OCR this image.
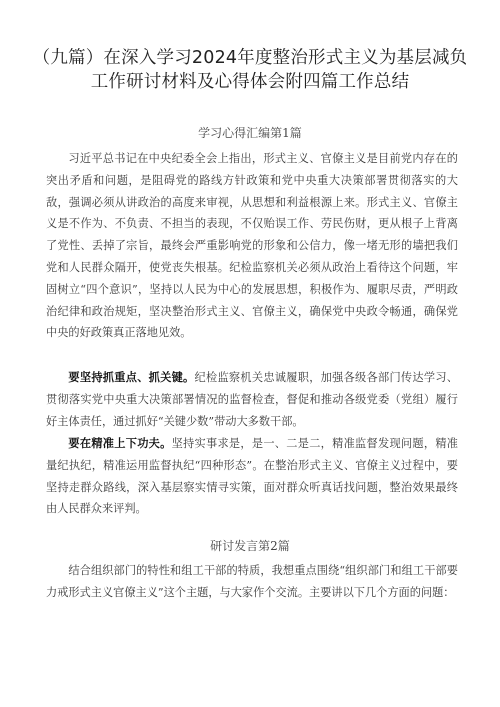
（九篇）在深入学习2024年度整治形式主义为基层减负工作研讨材料及心得体会附四篇工作总结
学习心得汇编第1篇

习近平总书记在中央纪委全会上指出，形式主义、官僚主义是目前党内存在的突出矛盾和问题，是阻碍党的路线方针政策和党中央重大决策部署贯彻落实的大敌，强调必须从讲政治的高度来审视，从思想和利益根源上来。形式主义、官僚主义是不作为、不负责、不担当的表现，不仅贻误工作、劳民伤财，更从根子上背离了党性、丢掉了宗旨，最终会严重影响党的形象和公信力，像一堵无形的墙把我们党和人民群众隔开，使党丧失根基。纪检监察机关必须从政治上看待这个问题，牢固树立“四个意识”，坚持以人民为中心的发展思想，积极作为、履职尽责，严明政治纪律和政治规矩，坚决整治形式主义、官僚主义，确保党中央政令畅通，确保党中央的好政策真正落地见效。

要坚持抓重点、抓关键。纪检监察机关忠诚履职，加强各级各部门传达学习、贯彻落实党中央重大决策部署情况的监督检查，督促和推动各级党委（党组）履行好主体责任，通过抓好“关键少数”带动大多数干部。

要在精准上下功夫。坚持实事求是，是一、二是二，精准监督发现问题，精准量纪执纪，精准运用监督执纪“四种形态”。在整治形式主义、官僚主义过程中，要坚持走群众路线，深入基层察实情寻实策，面对群众听真话找问题，整治效果最终由人民群众来评判。

研讨发言第2篇

结合组织部门的特性和组工干部的特质，我想重点围绕“组织部门和组工干部要力戒形式主义官僚主义”这个主题，与大家作个交流。主要讲以下几个方面的问题：
